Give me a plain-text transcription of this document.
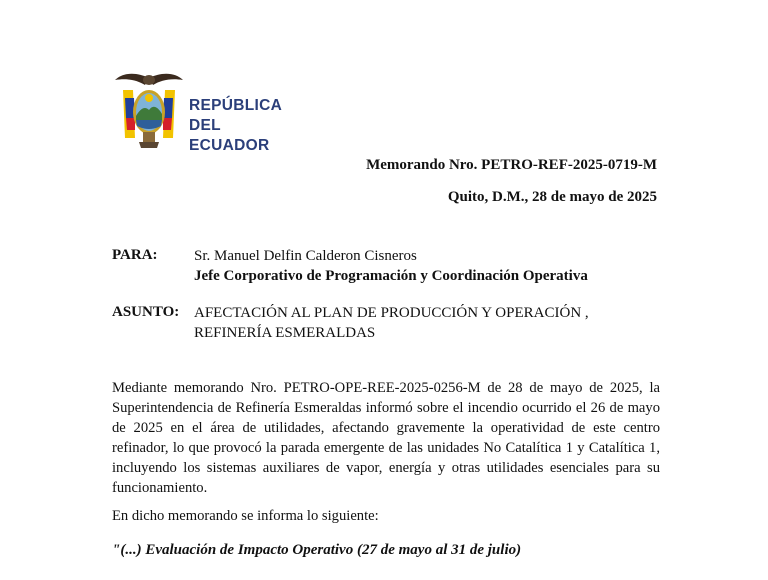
REPÚBLICA
DEL ECUADOR
Memorando Nro. PETRO-REF-2025-0719-M
Quito, D.M., 28 de mayo de 2025
PARA: Sr. Manuel Delfin Calderon Cisneros
Jefe Corporativo de Programación y Coordinación Operativa
ASUNTO: AFECTACIÓN AL PLAN DE PRODUCCIÓN Y OPERACIÓN ,
REFINERÍA ESMERALDAS

Mediante memorando Nro. PETRO-OPE-REE-2025-0256-M de 28 de mayo de 2025, la Superintendencia de Refinería Esmeraldas informó sobre el incendio ocurrido el 26 de mayo de 2025 en el área de utilidades, afectando gravemente la operatividad de este centro refinador, lo que provocó la parada emergente de las unidades No Catalítica 1 y Catalítica 1, incluyendo los sistemas auxiliares de vapor, energía y otras utilidades esenciales para su funcionamiento.

En dicho memorando se informa lo siguiente:

"(...) Evaluación de Impacto Operativo (27 de mayo al 31 de julio)
